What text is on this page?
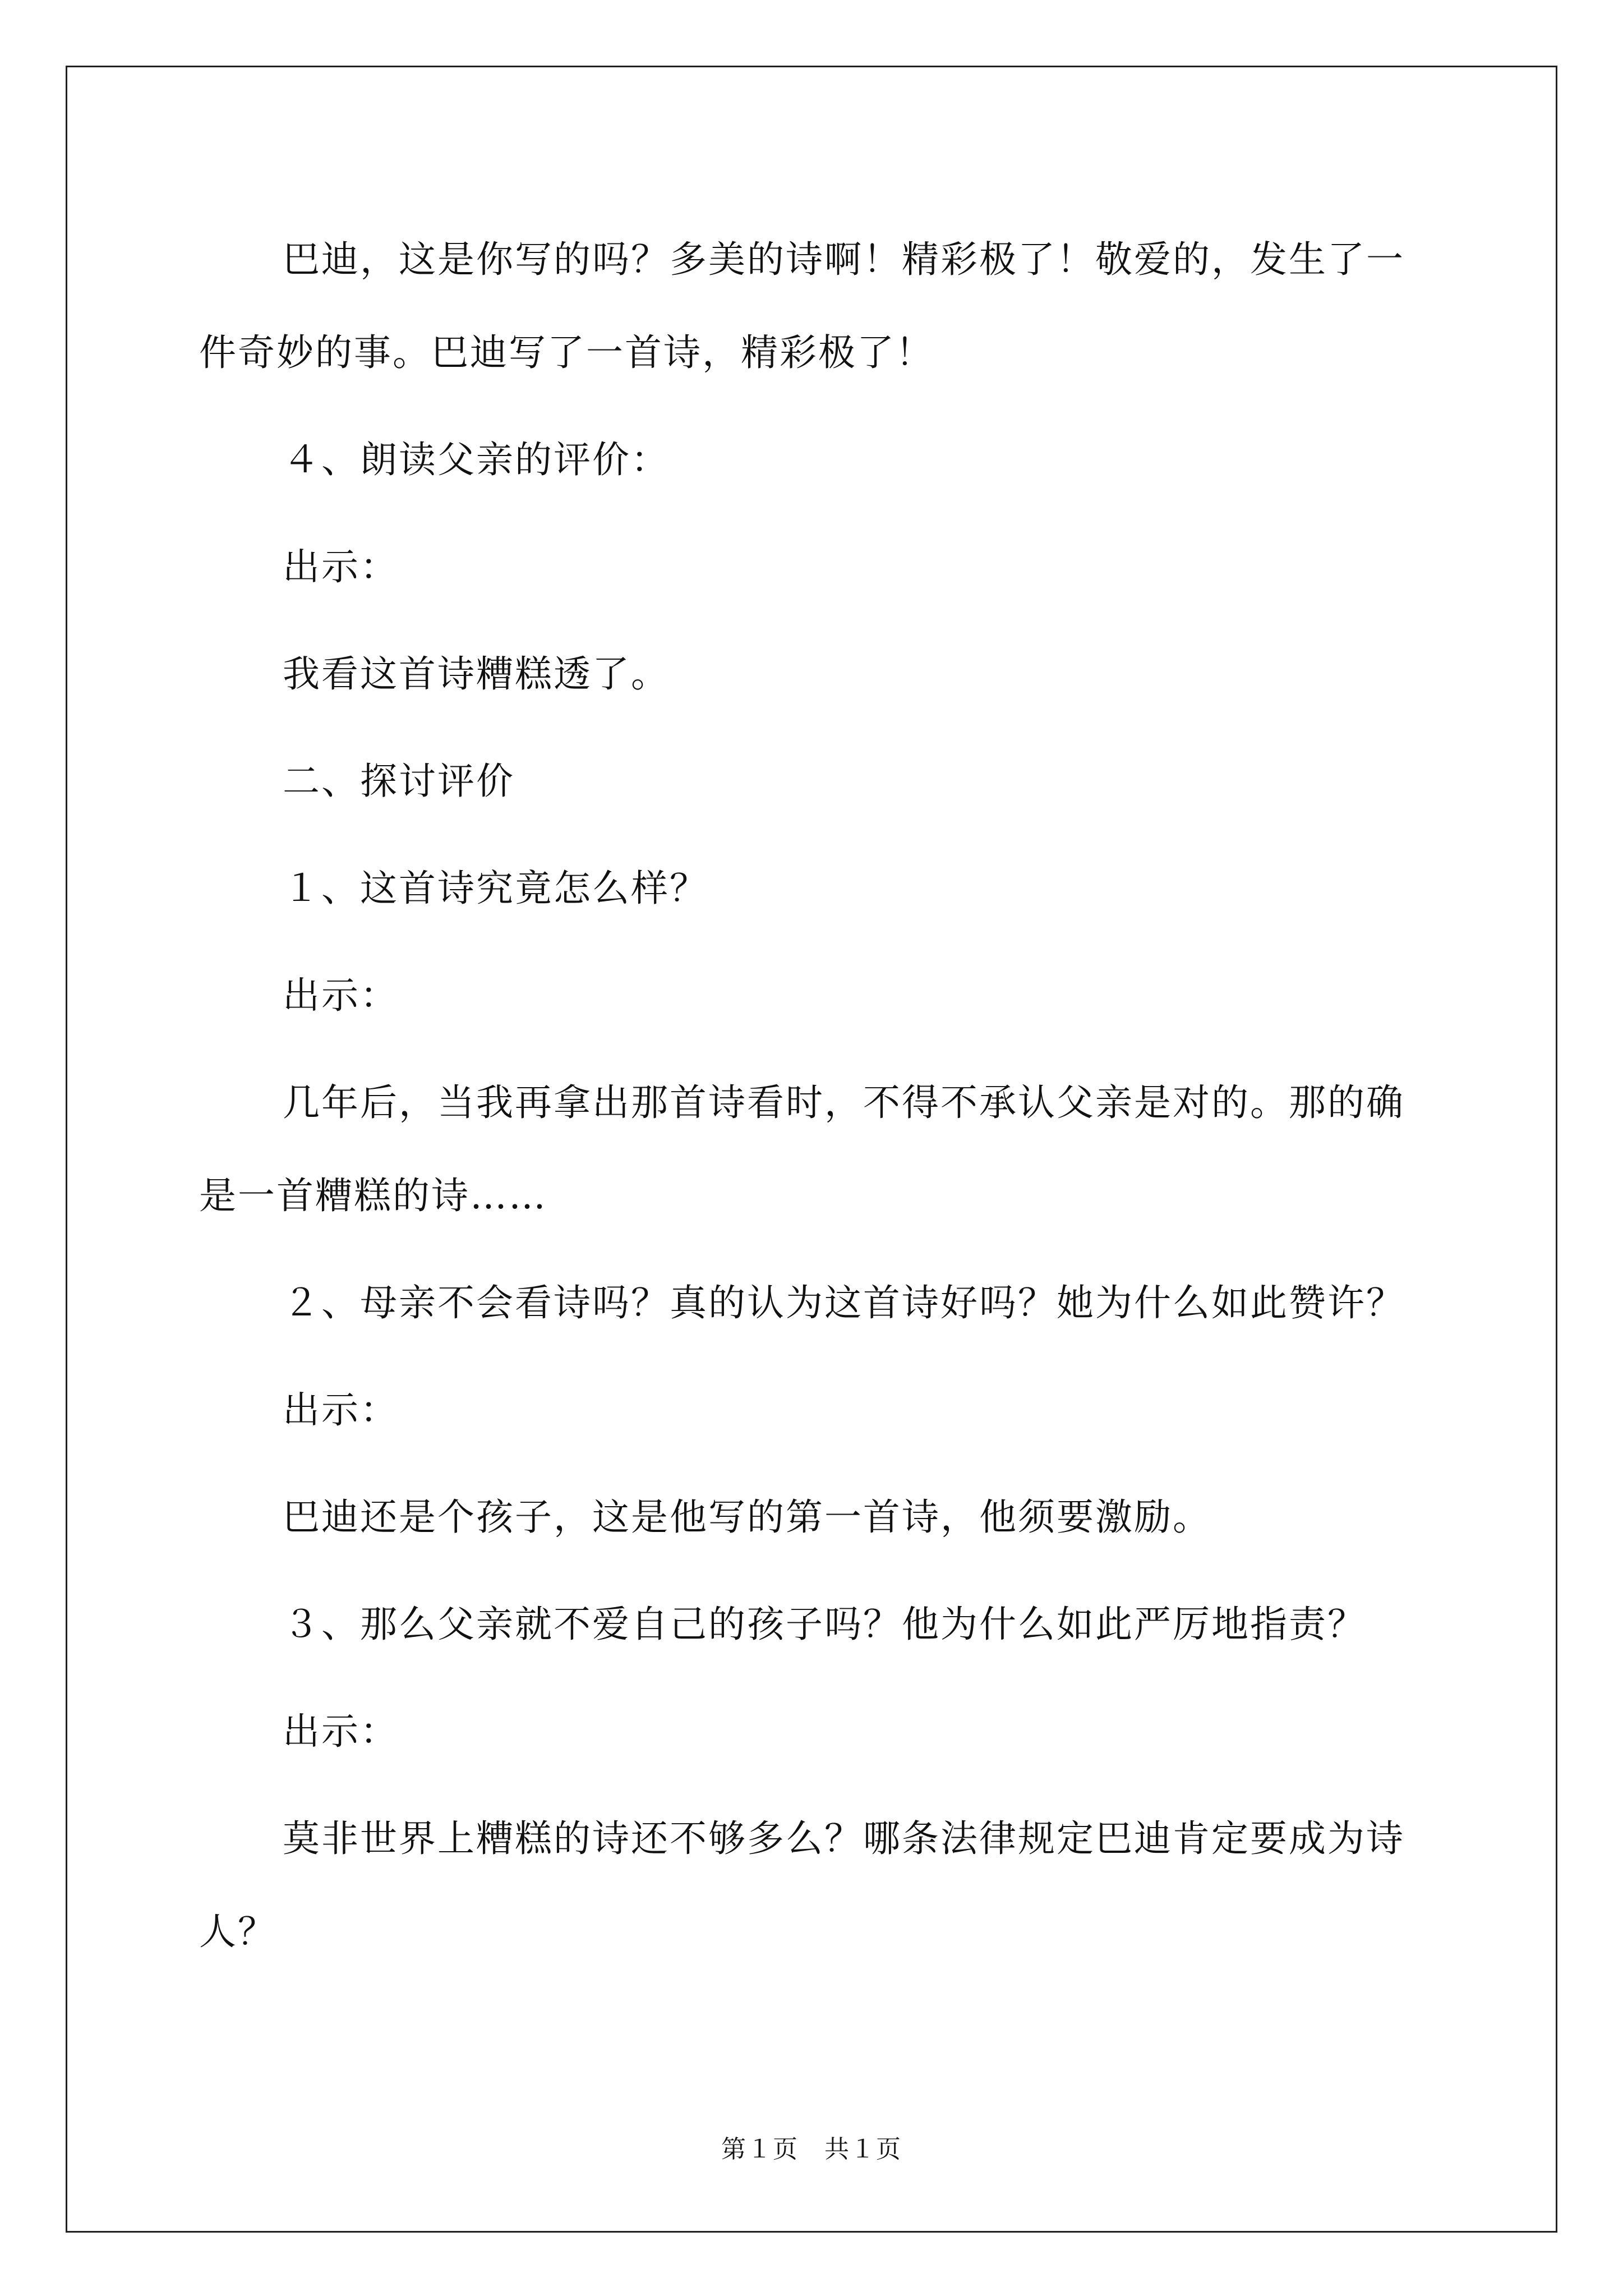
巴迪，这是你写的吗？多美的诗啊！精彩极了！敬爱的，发生了一件奇妙的事。巴迪写了一首诗，精彩极了！

４、朗读父亲的评价：

出示：

我看这首诗糟糕透了。

二、探讨评价

１、这首诗究竟怎么样？

出示：

几年后，当我再拿出那首诗看时，不得不承认父亲是对的。那的确是一首糟糕的诗……

２、母亲不会看诗吗？真的认为这首诗好吗？她为什么如此赞许？

出示：

巴迪还是个孩子，这是他写的第一首诗，他须要激励。

３、那么父亲就不爱自己的孩子吗？他为什么如此严厉地指责？

出示：

莫非世界上糟糕的诗还不够多么？哪条法律规定巴迪肯定要成为诗人？

第１页　共１页
